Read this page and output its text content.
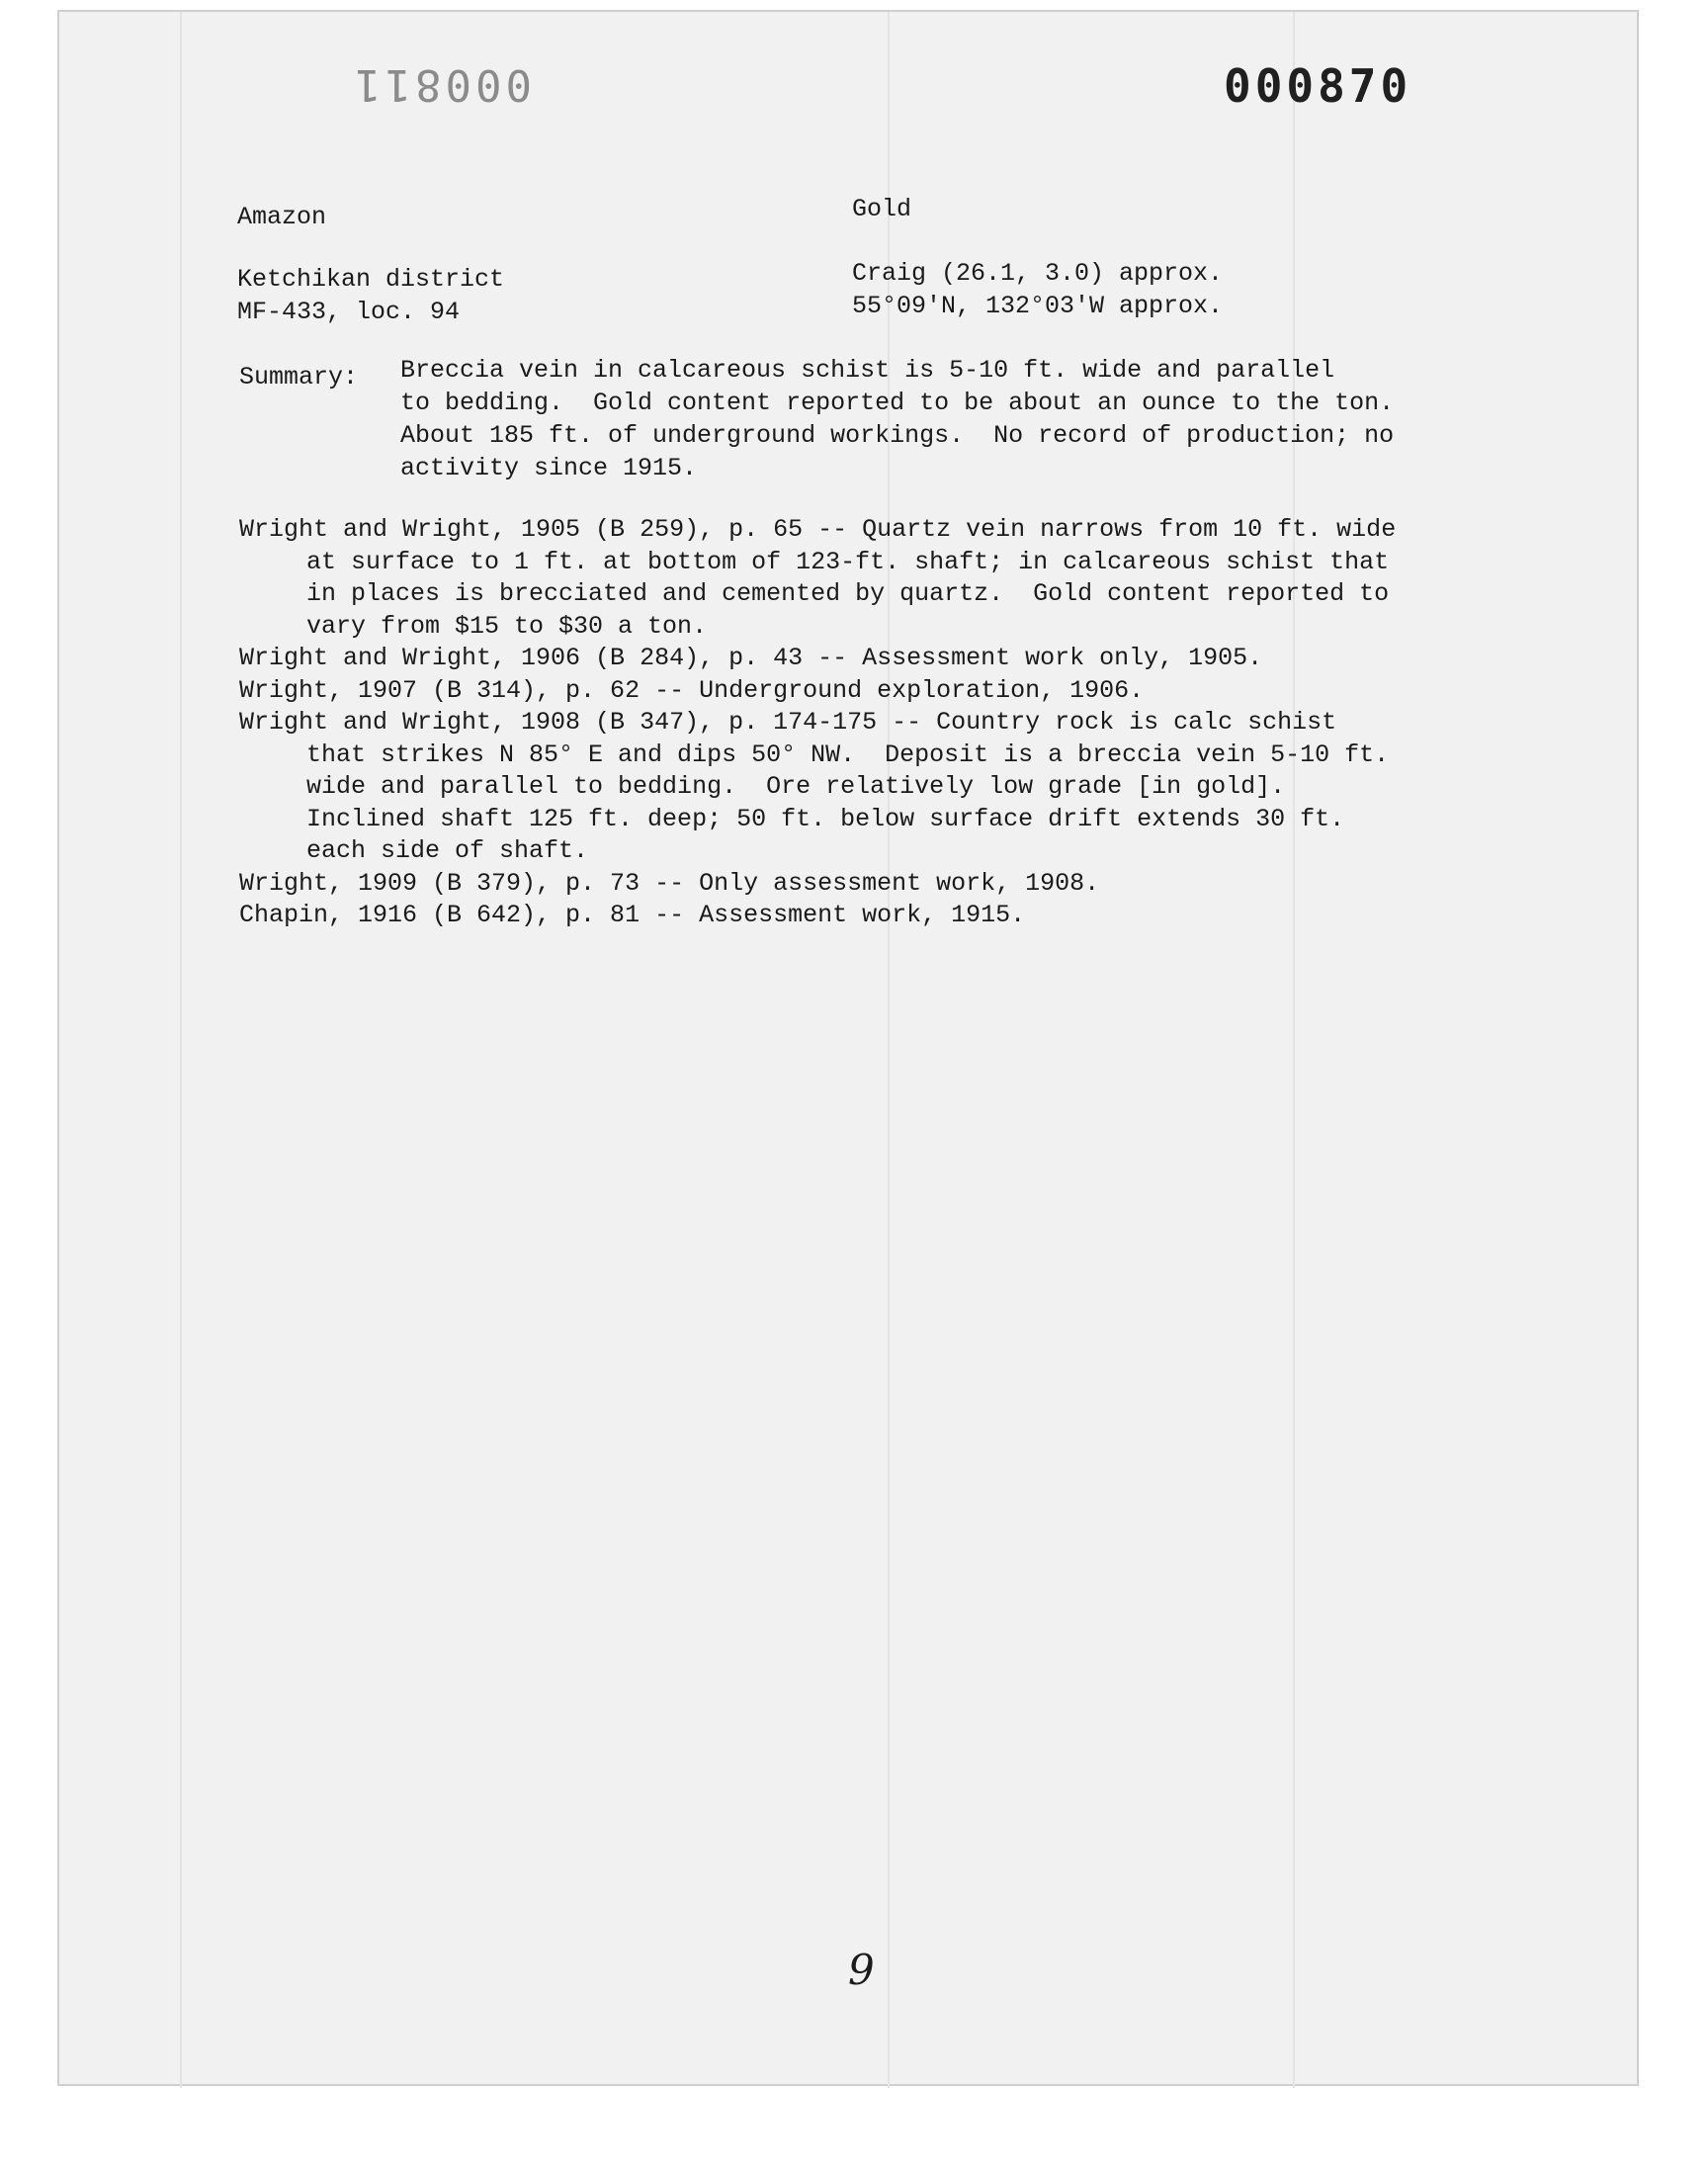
000811	000870
Amazon	Gold
Ketchikan district
MF-433, loc. 94
Craig (26.1, 3.0) approx.
55°09'N, 132°03'W approx.
Summary: Breccia vein in calcareous schist is 5-10 ft. wide and parallel
to bedding.  Gold content reported to be about an ounce to the ton.
About 185 ft. of underground workings.  No record of production; no
activity since 1915.
Wright and Wright, 1905 (B 259), p. 65 -- Quartz vein narrows from 10 ft. wide
at surface to 1 ft. at bottom of 123-ft. shaft; in calcareous schist that
in places is brecciated and cemented by quartz.  Gold content reported to
vary from $15 to $30 a ton.
Wright and Wright, 1906 (B 284), p. 43 -- Assessment work only, 1905.
Wright, 1907 (B 314), p. 62 -- Underground exploration, 1906.
Wright and Wright, 1908 (B 347), p. 174-175 -- Country rock is calc schist
that strikes N 85° E and dips 50° NW.  Deposit is a breccia vein 5-10 ft.
wide and parallel to bedding.  Ore relatively low grade [in gold].
Inclined shaft 125 ft. deep; 50 ft. below surface drift extends 30 ft.
each side of shaft.
Wright, 1909 (B 379), p. 73 -- Only assessment work, 1908.
Chapin, 1916 (B 642), p. 81 -- Assessment work, 1915.
9
